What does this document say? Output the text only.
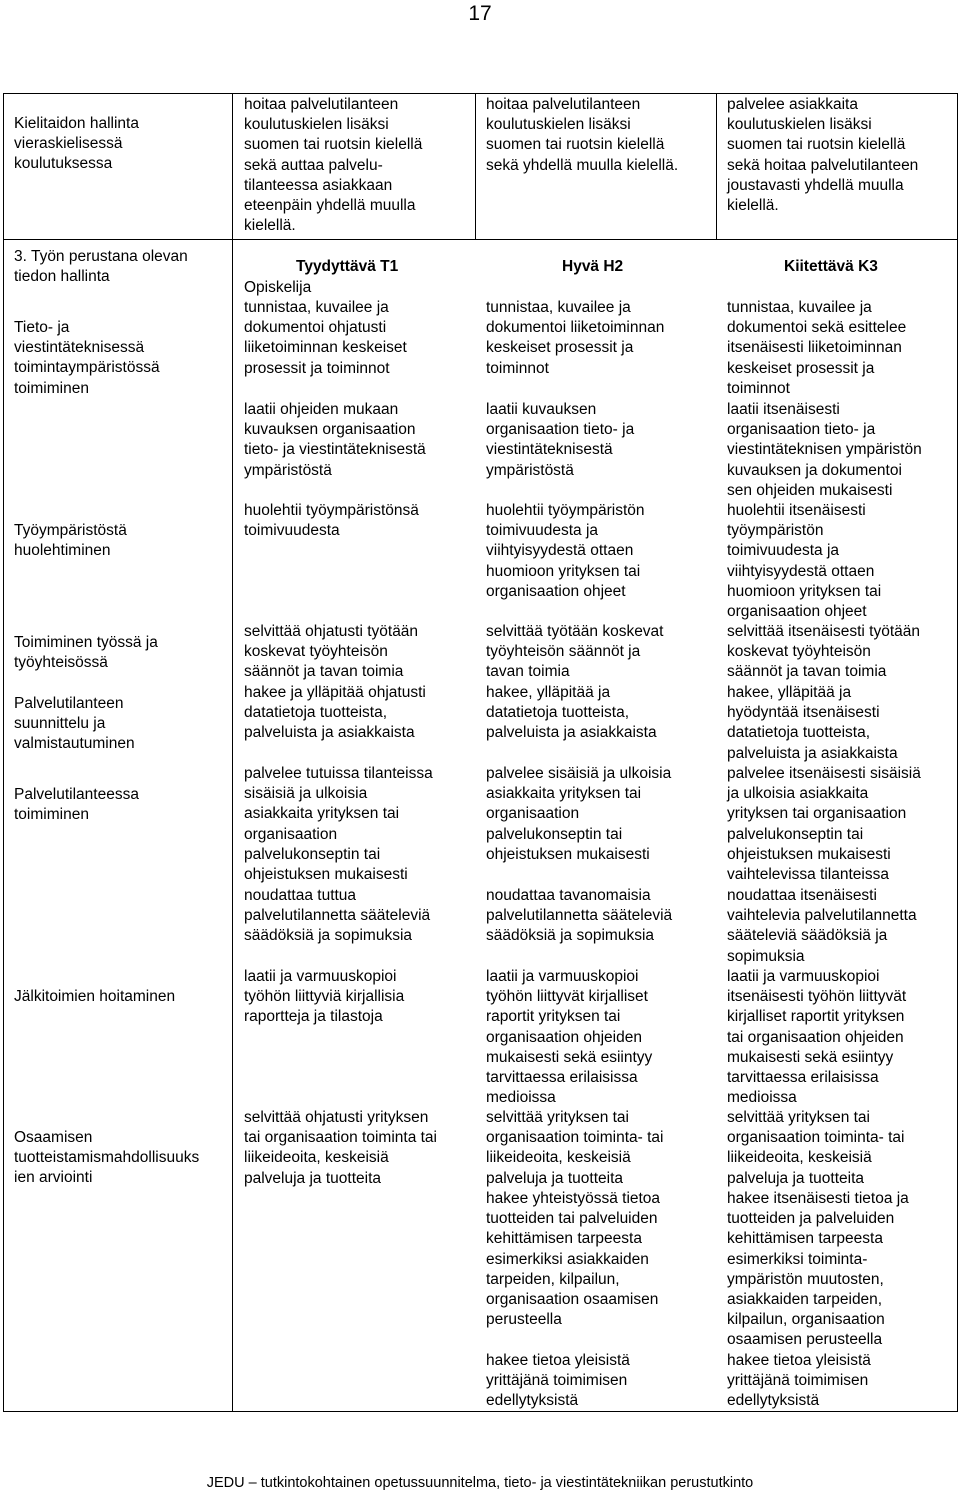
17
Kielitaidon hallinta
vieraskielisessä
koulutuksessa
hoitaa palvelutilanteen
koulutuskielen lisäksi
suomen tai ruotsin kielellä
sekä auttaa palvelu-
tilanteessa asiakkaan
eteenpäin yhdellä muulla
kielellä.
hoitaa palvelutilanteen
koulutuskielen lisäksi
suomen tai ruotsin kielellä
sekä yhdellä muulla kielellä.
palvelee asiakkaita
koulutuskielen lisäksi
suomen tai ruotsin kielellä
sekä hoitaa palvelutilanteen
joustavasti yhdellä muulla
kielellä.
3. Työn perustana olevan
tiedon hallinta
Tieto- ja
viestintäteknisessä
toimintaympäristössä
toimiminen
Työympäristöstä
huolehtiminen
Toimiminen työssä ja
työyhteisössä
Palvelutilanteen
suunnittelu ja
valmistautuminen
Palvelutilanteessa
toimiminen
Jälkitoimien hoitaminen
Osaamisen
tuotteistamismahdollisuuks
ien arviointi
Tyydyttävä T1	Hyvä H2	Kiitettävä K3
Opiskelija
tunnistaa, kuvailee ja
dokumentoi ohjatusti
liiketoiminnan keskeiset
prosessit ja toiminnot
laatii ohjeiden mukaan
kuvauksen organisaation
tieto- ja viestintäteknisestä
ympäristöstä
huolehtii työympäristönsä
toimivuudesta
selvittää ohjatusti työtään
koskevat työyhteisön
säännöt ja tavan toimia
hakee ja ylläpitää ohjatusti
datatietoja tuotteista,
palveluista ja asiakkaista
palvelee tutuissa tilanteissa
sisäisiä ja ulkoisia
asiakkaita yrityksen tai
organisaation
palvelukonseptin tai
ohjeistuksen mukaisesti
noudattaa tuttua
palvelutilannetta sääteleviä
säädöksiä ja sopimuksia
laatii ja varmuuskopioi
työhön liittyviä kirjallisia
raportteja ja tilastoja
selvittää ohjatusti yrityksen
tai organisaation toiminta tai
liikeideoita, keskeisiä
palveluja ja tuotteita
tunnistaa, kuvailee ja
dokumentoi liiketoiminnan
keskeiset prosessit ja
toiminnot
laatii kuvauksen
organisaation tieto- ja
viestintäteknisestä
ympäristöstä
huolehtii työympäristön
toimivuudesta ja
viihtyisyydestä ottaen
huomioon yrityksen tai
organisaation ohjeet
selvittää työtään koskevat
työyhteisön säännöt ja
tavan toimia
hakee, ylläpitää ja
datatietoja tuotteista,
palveluista ja asiakkaista
palvelee sisäisiä ja ulkoisia
asiakkaita yrityksen tai
organisaation
palvelukonseptin tai
ohjeistuksen mukaisesti
noudattaa tavanomaisia
palvelutilannetta sääteleviä
säädöksiä ja sopimuksia
laatii ja varmuuskopioi
työhön liittyvät kirjalliset
raportit yrityksen tai
organisaation ohjeiden
mukaisesti sekä esiintyy
tarvittaessa erilaisissa
medioissa
selvittää yrityksen tai
organisaation toiminta- tai
liikeideoita, keskeisiä
palveluja ja tuotteita
hakee yhteistyössä tietoa
tuotteiden tai palveluiden
kehittämisen tarpeesta
esimerkiksi asiakkaiden
tarpeiden, kilpailun,
organisaation osaamisen
perusteella
hakee tietoa yleisistä
yrittäjänä toimimisen
edellytyksistä
tunnistaa, kuvailee ja
dokumentoi sekä esittelee
itsenäisesti liiketoiminnan
keskeiset prosessit ja
toiminnot
laatii itsenäisesti
organisaation tieto- ja
viestintäteknisen ympäristön
kuvauksen ja dokumentoi
sen ohjeiden mukaisesti
huolehtii itsenäisesti
työympäristön
toimivuudesta ja
viihtyisyydestä ottaen
huomioon yrityksen tai
organisaation ohjeet
selvittää itsenäisesti työtään
koskevat työyhteisön
säännöt ja tavan toimia
hakee, ylläpitää ja
hyödyntää itsenäisesti
datatietoja tuotteista,
palveluista ja asiakkaista
palvelee itsenäisesti sisäisiä
ja ulkoisia asiakkaita
yrityksen tai organisaation
palvelukonseptin tai
ohjeistuksen mukaisesti
vaihtelevissa tilanteissa
noudattaa itsenäisesti
vaihtelevia palvelutilannetta
sääteleviä säädöksiä ja
sopimuksia
laatii ja varmuuskopioi
itsenäisesti työhön liittyvät
kirjalliset raportit yrityksen
tai organisaation ohjeiden
mukaisesti sekä esiintyy
tarvittaessa erilaisissa
medioissa
selvittää yrityksen tai
organisaation toiminta- tai
liikeideoita, keskeisiä
palveluja ja tuotteita
hakee itsenäisesti tietoa ja
tuotteiden ja palveluiden
kehittämisen tarpeesta
esimerkiksi toiminta-
ympäristön muutosten,
asiakkaiden tarpeiden,
kilpailun, organisaation
osaamisen perusteella
hakee tietoa yleisistä
yrittäjänä toimimisen
edellytyksistä
JEDU – tutkintokohtainen opetussuunnitelma, tieto- ja viestintätekniikan perustutkinto
